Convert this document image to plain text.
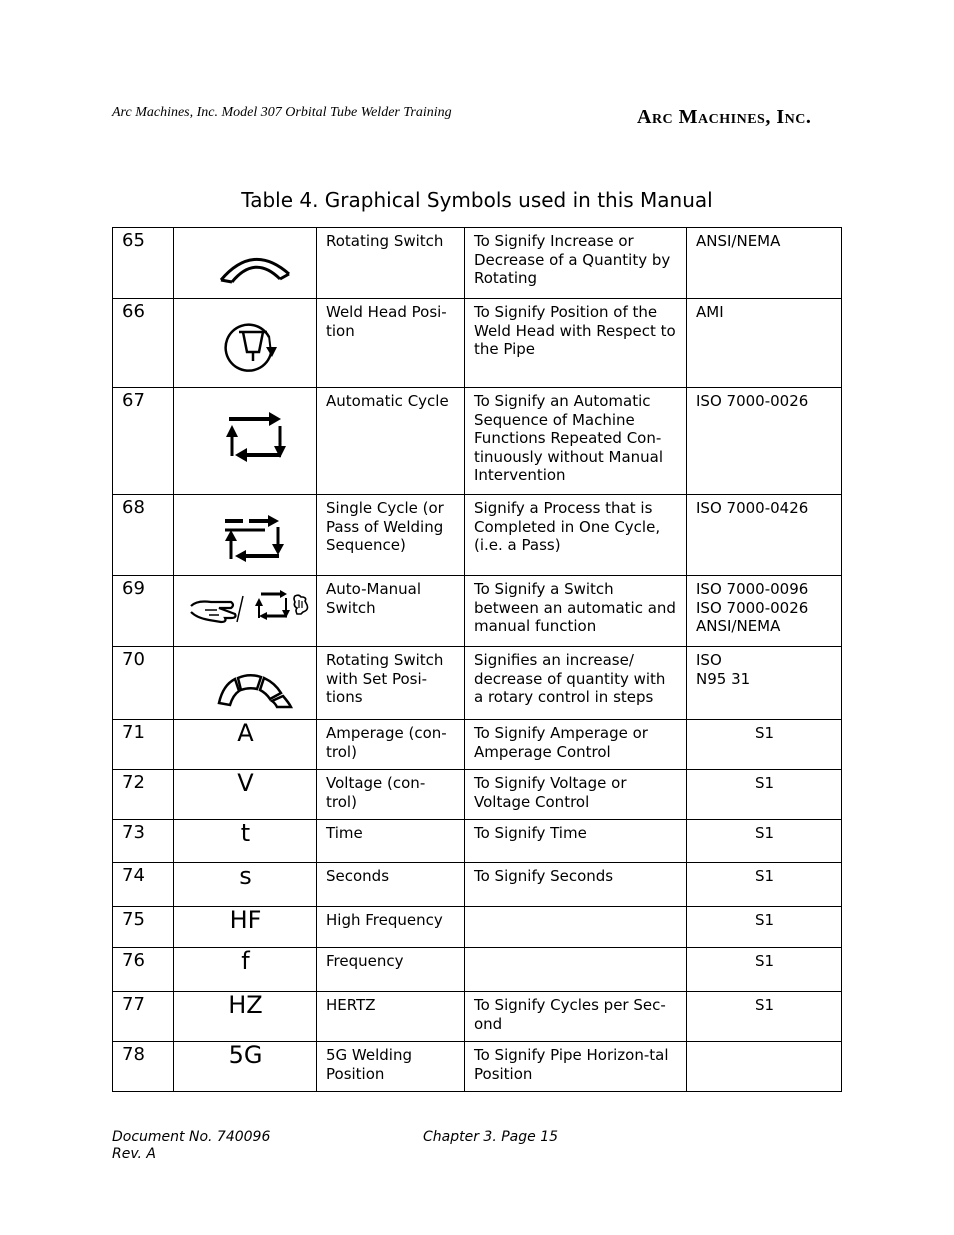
Arc Machines, Inc. Model 307 Orbital Tube Welder Training	Arc Machines, Inc.
Table 4. Graphical Symbols used in this Manual
65		Rotating Switch	To Signify Increase or Decrease of a Quantity by Rotating	ANSI/NEMA

66		Weld Head Posi-tion	To Signify Position of the Weld Head with Respect to the Pipe	AMI

67		Automatic Cycle	To Signify an Automatic Sequence of Machine Functions Repeated Con-tinuously without Manual Intervention	ISO 7000-0026

68		Single Cycle (or Pass of Welding Sequence)	Signify a Process that is Completed in One Cycle, (i.e. a Pass)	ISO 7000-0426

69		Auto-Manual Switch	To Signify a Switch between an automatic and manual function	ISO 7000-0096
ISO 7000-0026
ANSI/NEMA

70		Rotating Switch with Set Posi-tions	Signifies an increase/ decrease of quantity with a rotary control in steps	ISO
N95 31

71	A	Amperage (con-trol)	To Signify Amperage or Amperage Control	S1
72	V	Voltage (con-trol)	To Signify Voltage or Voltage Control	S1
73	t	Time	To Signify Time	S1
74	s	Seconds	To Signify Seconds	S1
75	HF	High Frequency		S1
76	f	Frequency		S1
77	HZ	HERTZ	To Signify Cycles per Sec-ond	S1
78	5G	5G Welding Position	To Signify Pipe Horizon-tal Position	
Document No. 740096
Rev. A
Chapter 3. Page 15
